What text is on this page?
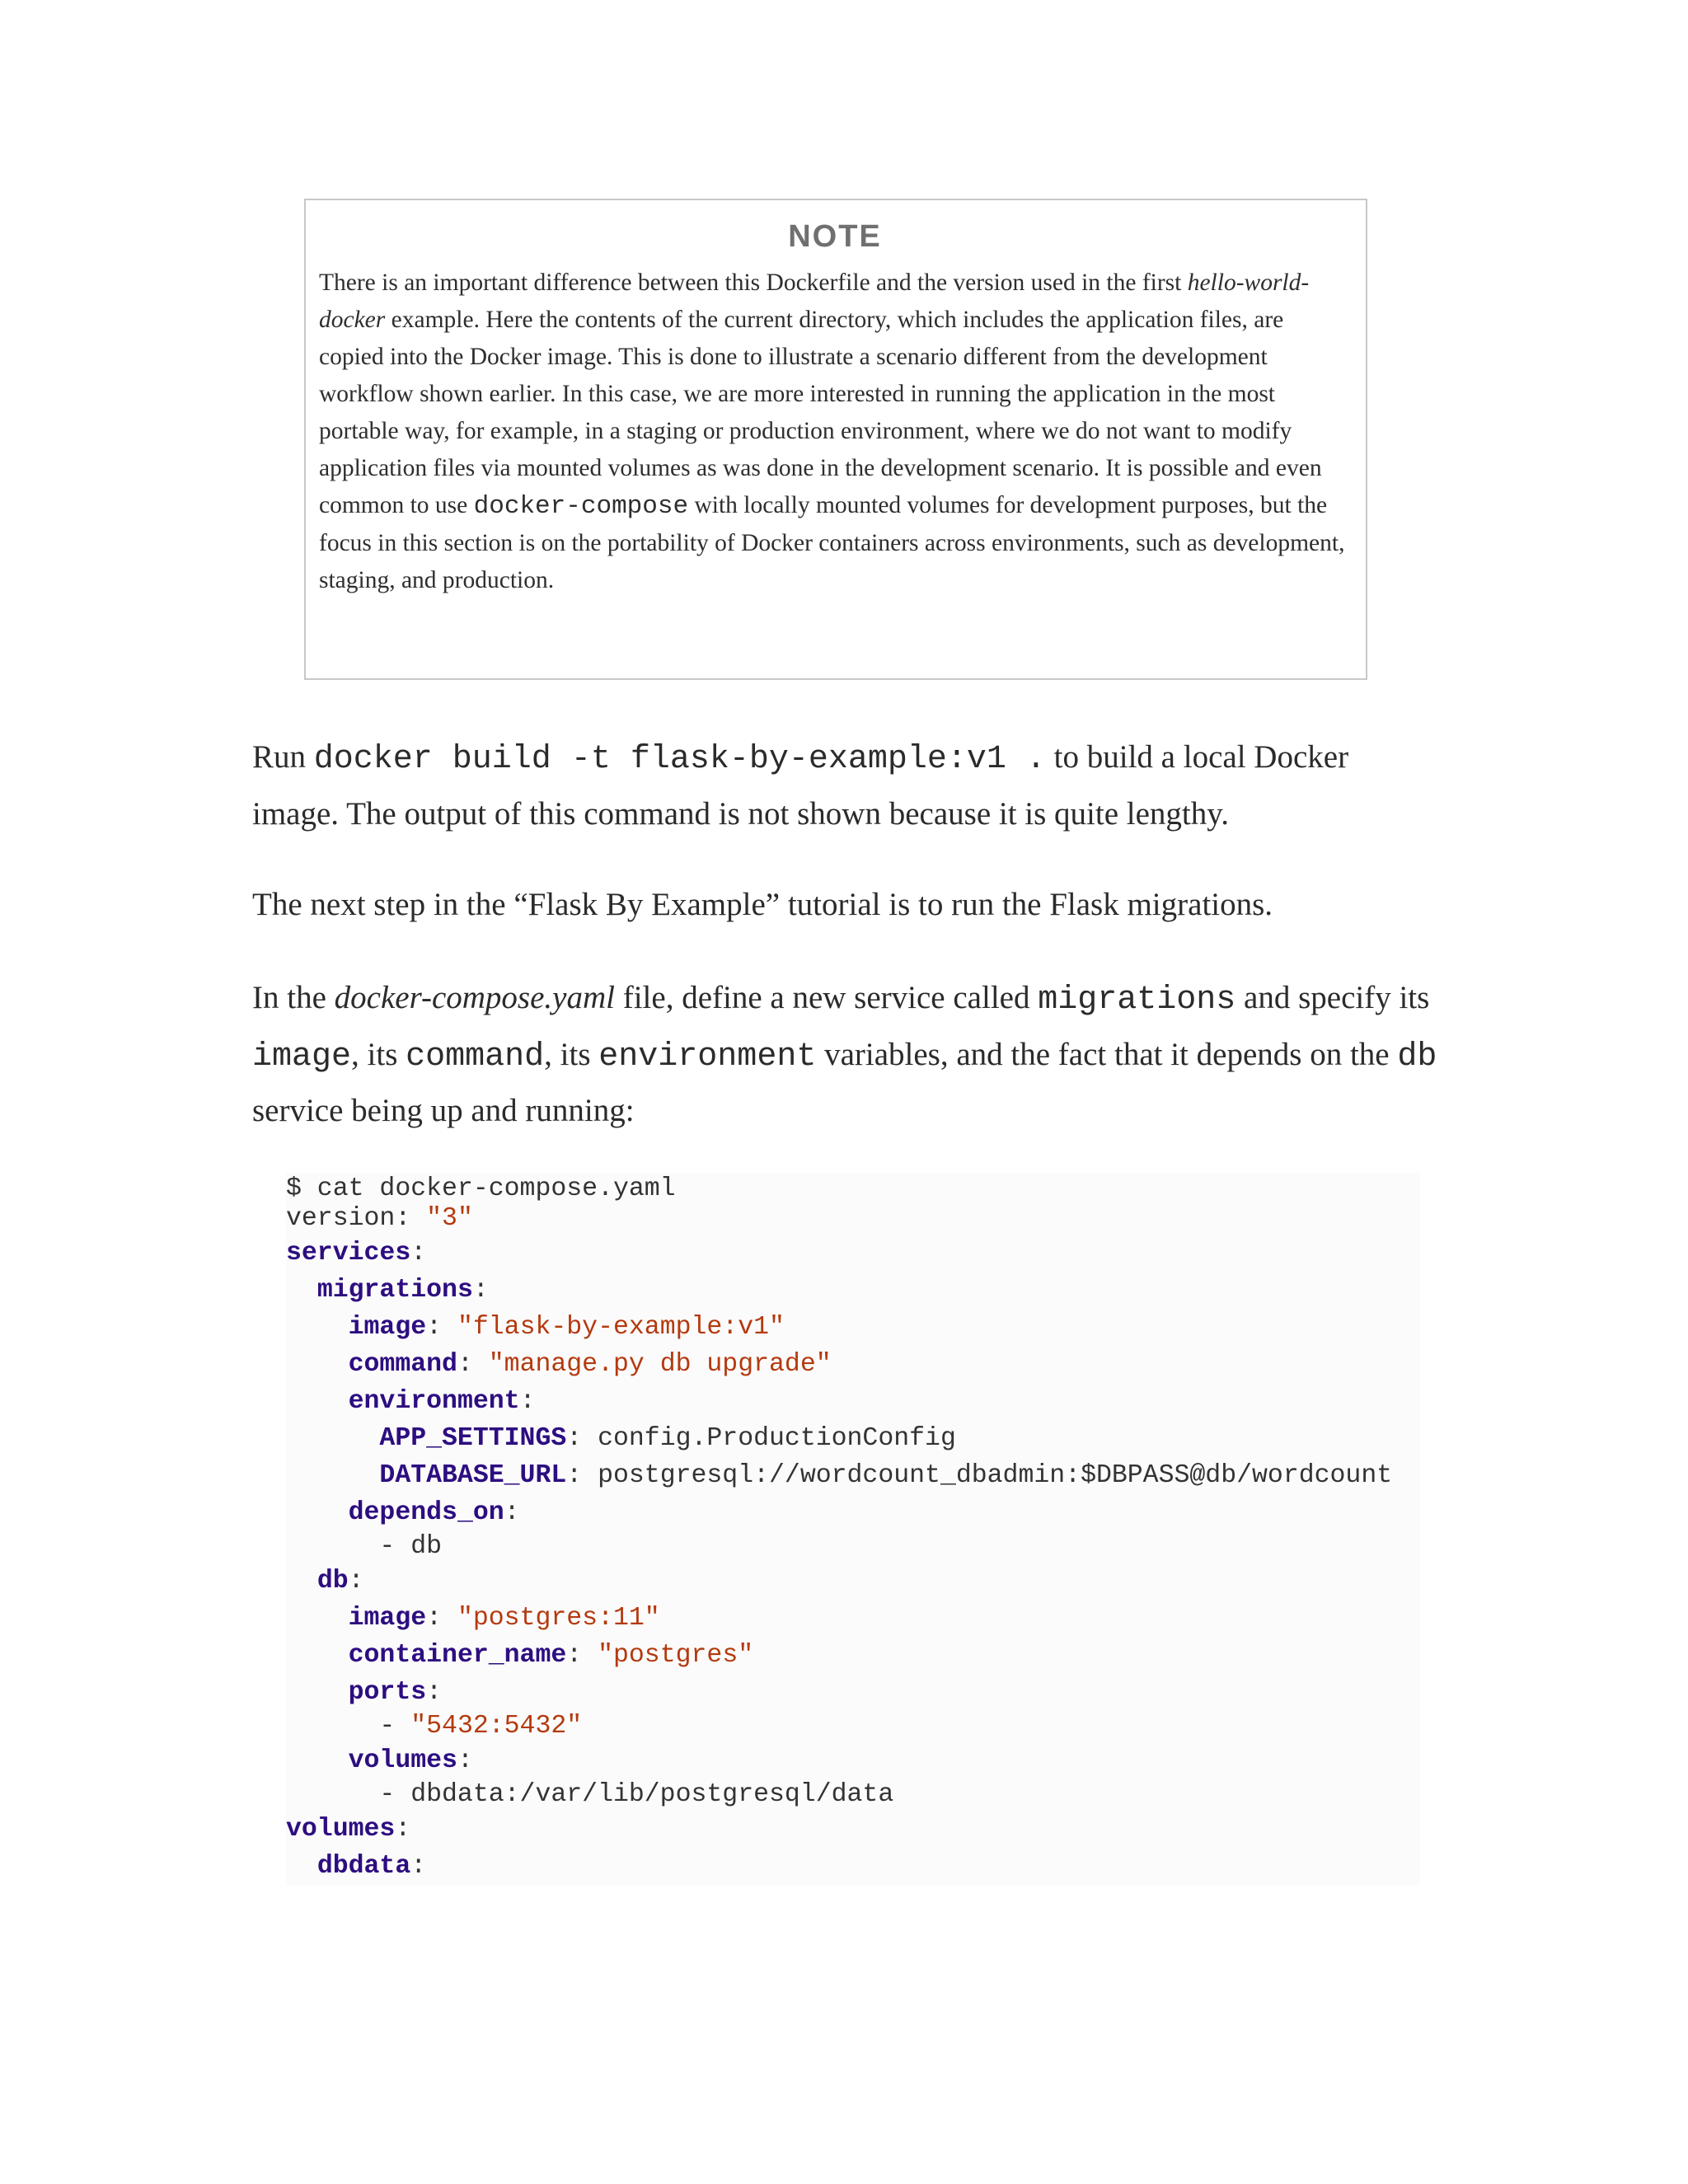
NOTE

There is an important difference between this Dockerfile and the version used in the first hello-world-docker example. Here the contents of the current directory, which includes the application files, are copied into the Docker image. This is done to illustrate a scenario different from the development workflow shown earlier. In this case, we are more interested in running the application in the most portable way, for example, in a staging or production environment, where we do not want to modify application files via mounted volumes as was done in the development scenario. It is possible and even common to use docker-compose with locally mounted volumes for development purposes, but the focus in this section is on the portability of Docker containers across environments, such as development, staging, and production.

Run docker build -t flask-by-example:v1 . to build a local Docker image. The output of this command is not shown because it is quite lengthy.

The next step in the “Flask By Example” tutorial is to run the Flask migrations.

In the docker-compose.yaml file, define a new service called migrations and specify its image, its command, its environment variables, and the fact that it depends on the db service being up and running:

$ cat docker-compose.yaml
version: "3"
services:
migrations:
image: "flask-by-example:v1"
command: "manage.py db upgrade"
environment:
APP_SETTINGS: config.ProductionConfig
DATABASE_URL: postgresql://wordcount_dbadmin:$DBPASS@db/wordcount
depends_on:
- db
db:
image: "postgres:11"
container_name: "postgres"
ports:
- "5432:5432"
volumes:
- dbdata:/var/lib/postgresql/data
volumes:
dbdata:
